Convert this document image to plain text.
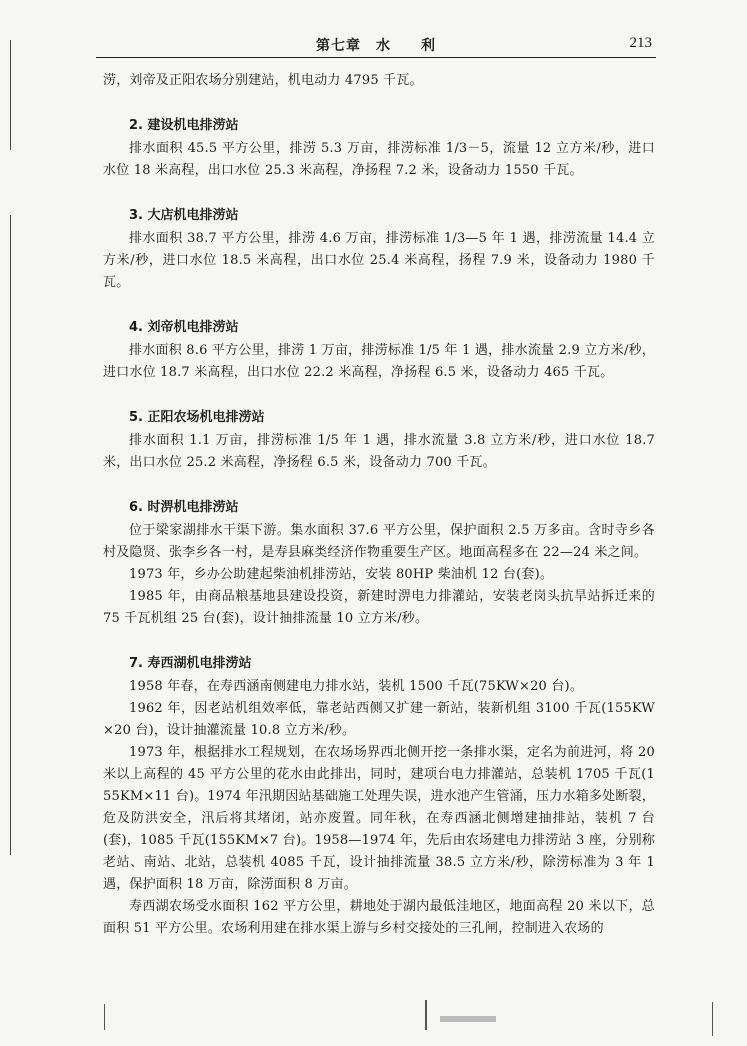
第七章　水　　利	213

涝，刘帝及正阳农场分别建站，机电动力 4795 千瓦。

2. 建设机电排涝站

排水面积 45.5 平方公里，排涝 5.3 万亩，排涝标准 1/3－5，流量 12 立方米/秒，进口水位 18 米高程，出口水位 25.3 米高程，净扬程 7.2 米，设备动力 1550 千瓦。

3. 大店机电排涝站

排水面积 38.7 平方公里，排涝 4.6 万亩，排涝标准 1/3—5 年 1 遇，排涝流量 14.4 立方米/秒，进口水位 18.5 米高程，出口水位 25.4 米高程，扬程 7.9 米，设备动力 1980 千瓦。

4. 刘帝机电排涝站

排水面积 8.6 平方公里，排涝 1 万亩，排涝标准 1/5 年 1 遇，排水流量 2.9 立方米/秒，进口水位 18.7 米高程，出口水位 22.2 米高程，净扬程 6.5 米，设备动力 465 千瓦。

5. 正阳农场机电排涝站

排水面积 1.1 万亩，排涝标准 1/5 年 1 遇，排水流量 3.8 立方米/秒，进口水位 18.7 米，出口水位 25.2 米高程，净扬程 6.5 米，设备动力 700 千瓦。

6. 时淠机电排涝站

位于梁家湖排水干渠下游。集水面积 37.6 平方公里，保护面积 2.5 万多亩。含时寺乡各村及隐贤、张李乡各一村，是寿县麻类经济作物重要生产区。地面高程多在 22—24 米之间。

1973 年，乡办公助建起柴油机排涝站，安装 80HP 柴油机 12 台(套)。

1985 年，由商品粮基地县建设投资，新建时淠电力排灌站，安装老岗头抗旱站拆迁来的 75 千瓦机组 25 台(套)，设计抽排流量 10 立方米/秒。

7. 寿西湖机电排涝站

1958 年春，在寿西涵南侧建电力排水站，装机 1500 千瓦(75KW×20 台)。

1962 年，因老站机组效率低，靠老站西侧又扩建一新站，装新机组 3100 千瓦(155KW×20 台)，设计抽灌流量 10.8 立方米/秒。

1973 年，根据排水工程规划，在农场场界西北侧开挖一条排水渠，定名为前进河，将 20 米以上高程的 45 平方公里的花水由此排出，同时，建项台电力排灌站，总装机 1705 千瓦(155KM×11 台)。1974 年汛期因站基础施工处理失误，进水池产生管涌，压力水箱多处断裂，危及防洪安全，汛后将其堵闭，站亦废置。同年秋，在寿西涵北侧增建抽排站，装机 7 台(套)，1085 千瓦(155KM×7 台)。1958—1974 年，先后由农场建电力排涝站 3 座，分别称老站、南站、北站，总装机 4085 千瓦，设计抽排流量 38.5 立方米/秒，除涝标准为 3 年 1 遇，保护面积 18 万亩，除涝面积 8 万亩。

寿西湖农场受水面积 162 平方公里，耕地处于湖内最低洼地区，地面高程 20 米以下，总面积 51 平方公里。农场利用建在排水渠上游与乡村交接处的三孔闸，控制进入农场的
